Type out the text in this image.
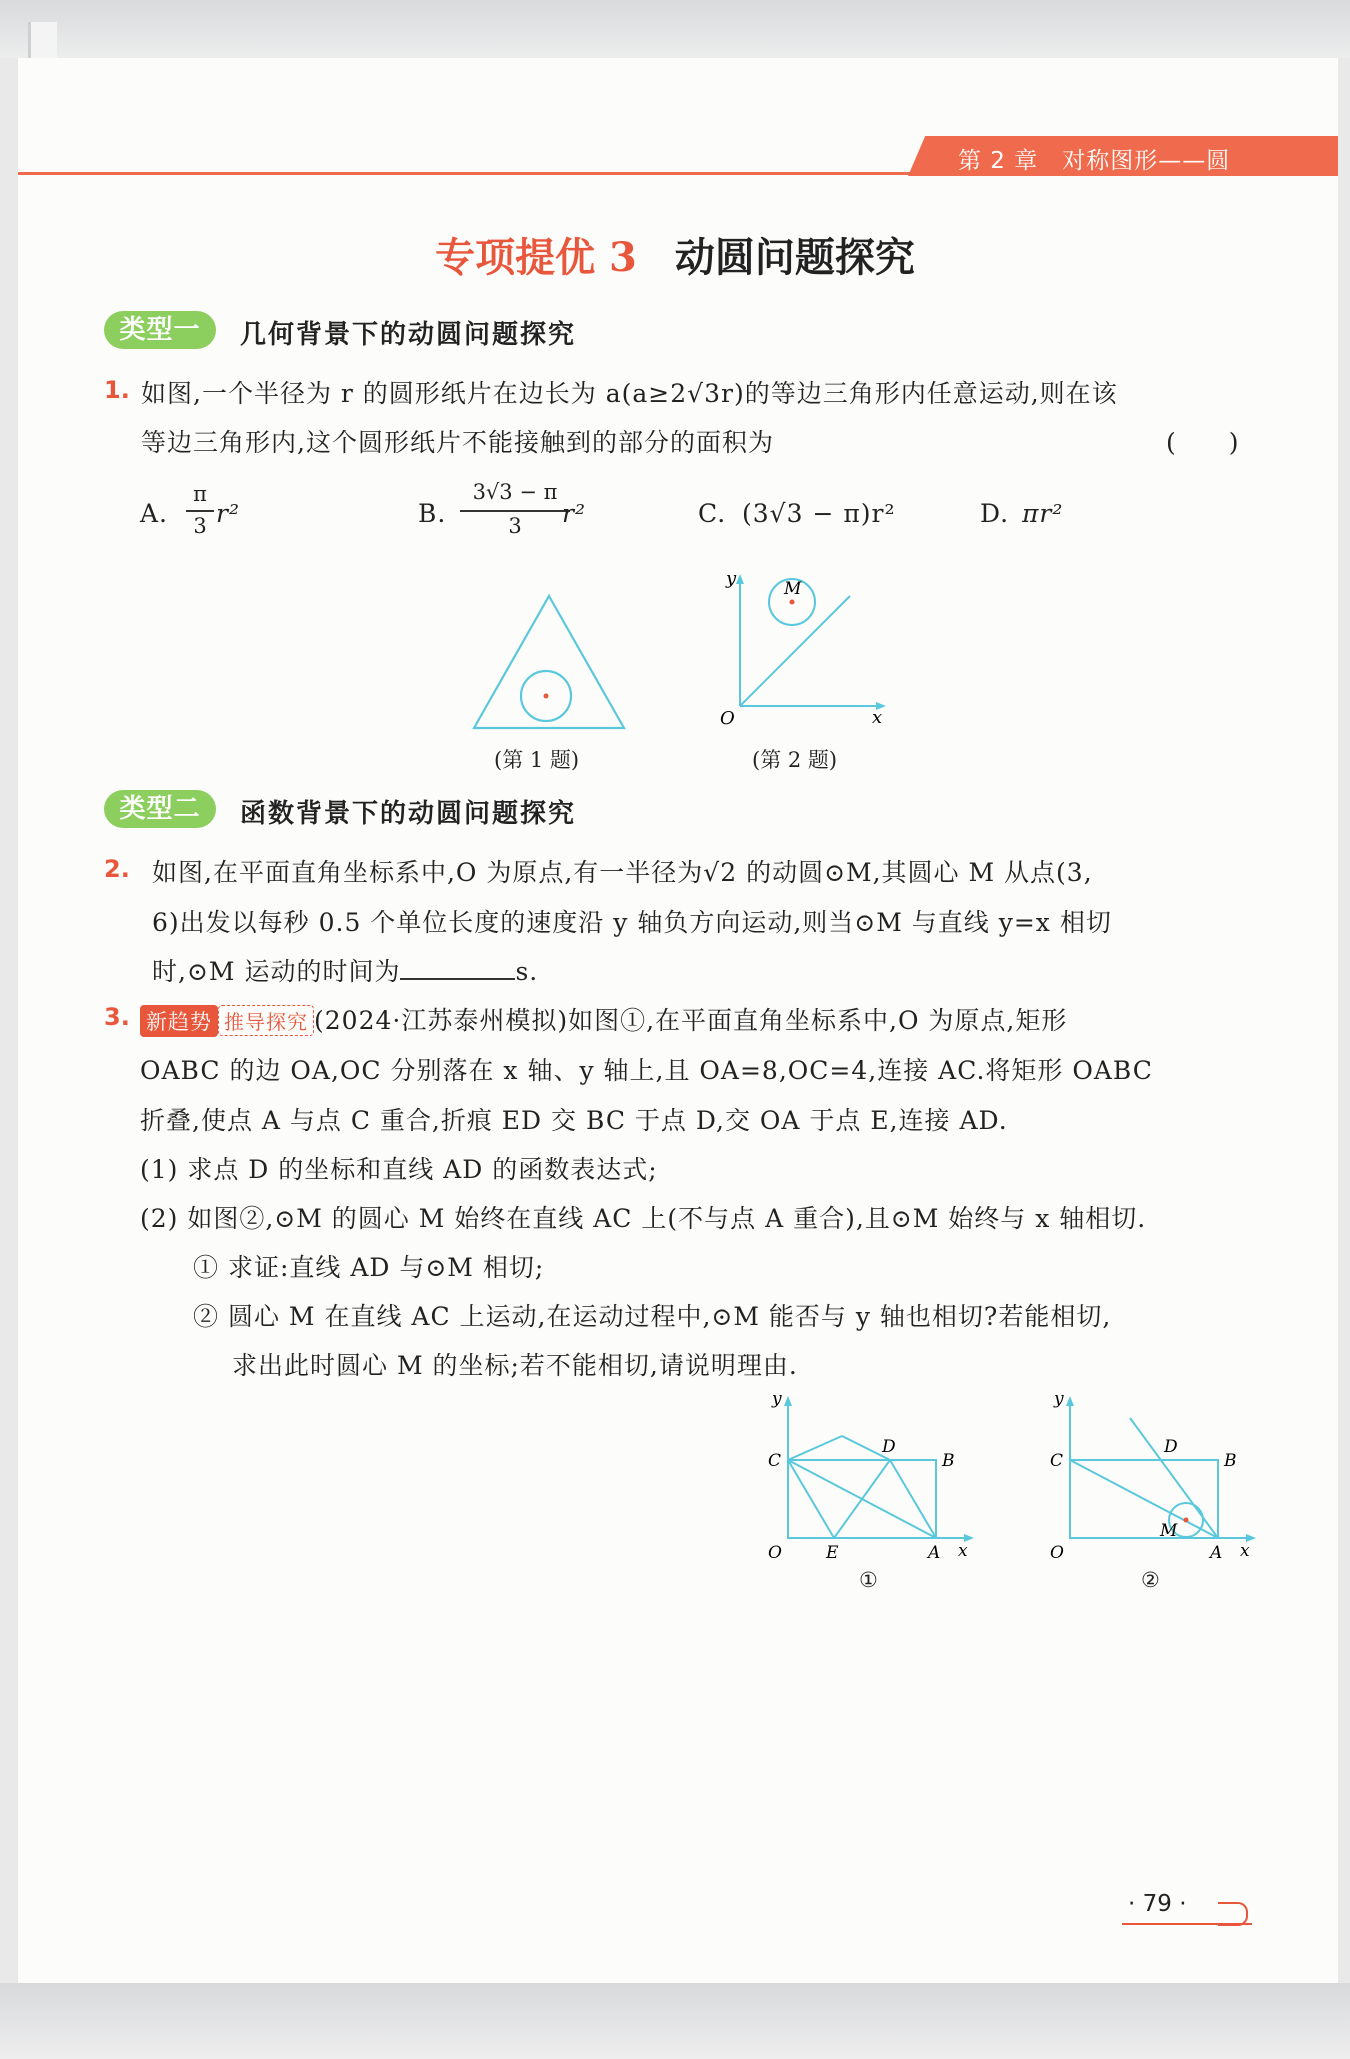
第 2 章　对称图形——圆
专项提优 3 动圆问题探究
类型一	几何背景下的动圆问题探究
1. 如图,一个半径为 r 的圆形纸片在边长为 a(a≥2√3r)的等边三角形内任意运动,则在该
等边三角形内,这个圆形纸片不能接触到的部分的面积为	(　　)
A.
π
3 r²	B.
3√3 − π
3	r²	C. (3√3 − π)r²	D. πr²
(第 1 题)
y
x
O
M
(第 2 题)
类型二	函数背景下的动圆问题探究
2. 如图,在平面直角坐标系中,O 为原点,有一半径为√2 的动圆⊙M,其圆心 M 从点(3,
6)出发以每秒 0.5 个单位长度的速度沿 y 轴负方向运动,则当⊙M 与直线 y=x 相切
时,⊙M 运动的时间为	s.
3. 新趋势 推导探究 (2024·江苏泰州模拟)如图①,在平面直角坐标系中,O 为原点,矩形
OABC 的边 OA,OC 分别落在 x 轴、y 轴上,且 OA=8,OC=4,连接 AC.将矩形 OABC
折叠,使点 A 与点 C 重合,折痕 ED 交 BC 于点 D,交 OA 于点 E,连接 AD.
(1) 求点 D 的坐标和直线 AD 的函数表达式;
(2) 如图②,⊙M 的圆心 M 始终在直线 AC 上(不与点 A 重合),且⊙M 始终与 x 轴相切.
① 求证:直线 AD 与⊙M 相切;
② 圆心 M 在直线 AC 上运动,在运动过程中,⊙M 能否与 y 轴也相切?若能相切,
求出此时圆心 M 的坐标;若不能相切,请说明理由.
y
x
O
C
D
B
E	A
①
y
x
O
C
D
B
M
A
②
· 79 ·
